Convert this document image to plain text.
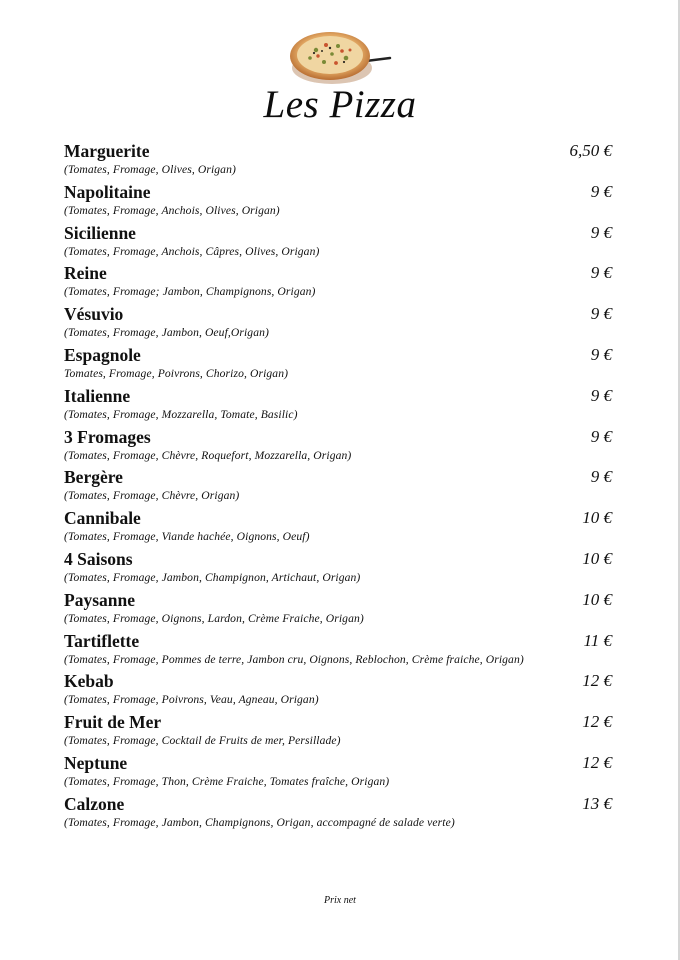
Les Pizza
Marguerite	6,50 €
(Tomates, Fromage, Olives, Origan)
Napolitaine	9 €
(Tomates, Fromage, Anchois, Olives, Origan)
Sicilienne	9 €
(Tomates, Fromage, Anchois, Câpres, Olives, Origan)
Reine	9 €
(Tomates, Fromage; Jambon, Champignons, Origan)
Vésuvio	9 €
(Tomates, Fromage, Jambon, Oeuf,Origan)
Espagnole	9 €
Tomates, Fromage, Poivrons, Chorizo, Origan)
Italienne	9 €
(Tomates, Fromage, Mozzarella, Tomate, Basilic)
3 Fromages	9 €
(Tomates, Fromage, Chèvre, Roquefort, Mozzarella, Origan)
Bergère	9 €
(Tomates, Fromage, Chèvre, Origan)
Cannibale	10 €
(Tomates, Fromage, Viande hachée, Oignons, Oeuf)
4 Saisons	10 €
(Tomates, Fromage, Jambon, Champignon, Artichaut, Origan)
Paysanne	10 €
(Tomates, Fromage, Oignons, Lardon, Crème Fraiche, Origan)
Tartiflette	11 €
(Tomates, Fromage, Pommes de terre, Jambon cru, Oignons, Reblochon, Crème fraiche, Origan)
Kebab	12 €
(Tomates, Fromage, Poivrons, Veau, Agneau, Origan)
Fruit de Mer	12 €
(Tomates, Fromage, Cocktail de Fruits de mer, Persillade)
Neptune	12 €
(Tomates, Fromage, Thon, Crème Fraiche, Tomates fraîche, Origan)
Calzone	13 €
(Tomates, Fromage, Jambon, Champignons, Origan, accompagné de salade verte)
Prix net
